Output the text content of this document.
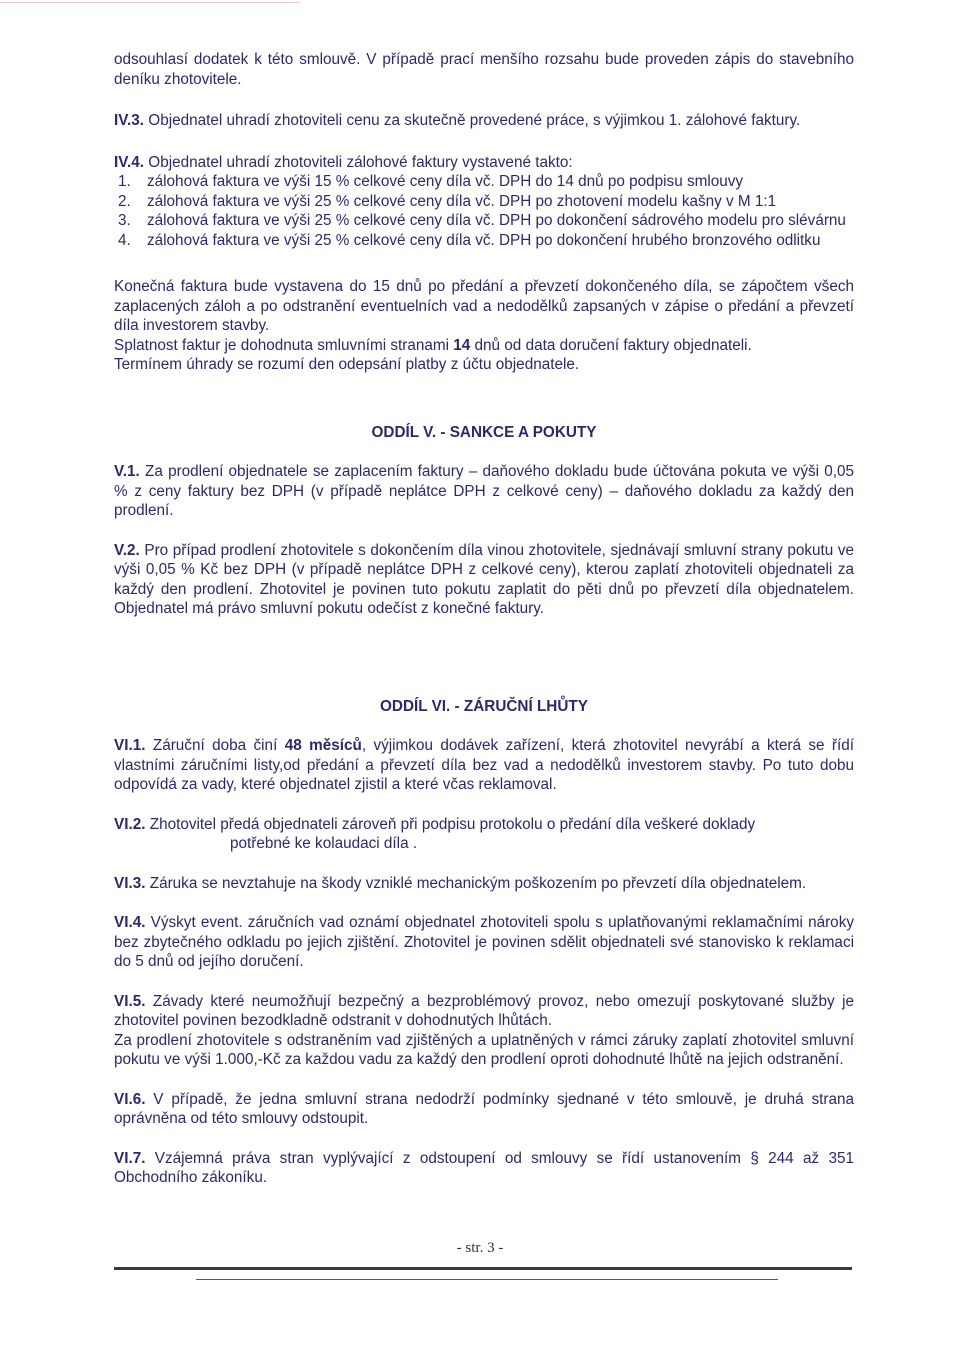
odsouhlasí dodatek k této smlouvě. V případě prací menšího rozsahu bude proveden zápis do stavebního deníku zhotovitele.

IV.3. Objednatel uhradí zhotoviteli cenu za skutečně provedené práce, s výjimkou 1. zálohové faktury.

IV.4. Objednatel uhradí zhotoviteli zálohové faktury vystavené takto:

1.	zálohová faktura ve výši 15 % celkové ceny díla vč. DPH do 14 dnů po podpisu smlouvy
2.	zálohová faktura ve výši 25 % celkové ceny díla vč. DPH po zhotovení modelu kašny v M 1:1
3.	zálohová faktura ve výši 25 % celkové ceny díla vč. DPH po dokončení sádrového modelu pro slévárnu
4.	zálohová faktura ve výši 25 % celkové ceny díla vč. DPH po dokončení hrubého bronzového odlitku

Konečná faktura bude vystavena do 15 dnů po předání a převzetí dokončeného díla, se zápočtem všech zaplacených záloh a po odstranění eventuelních vad a nedodělků zapsaných v zápise o předání a převzetí díla investorem stavby.

Splatnost faktur je dohodnuta smluvními stranami 14 dnů od data doručení faktury objednateli.

Termínem úhrady se rozumí den odepsání platby z účtu objednatele.

ODDÍL V. - SANKCE A POKUTY

V.1. Za prodlení objednatele se zaplacením faktury – daňového dokladu bude účtována pokuta ve výši 0,05 % z ceny faktury bez DPH (v případě neplátce DPH z celkové ceny) – daňového dokladu za každý den prodlení.

V.2. Pro případ prodlení zhotovitele s dokončením díla vinou zhotovitele, sjednávají smluvní strany pokutu ve výši 0,05 % Kč bez DPH (v případě neplátce DPH z celkové ceny), kterou zaplatí zhotoviteli objednateli za každý den prodlení. Zhotovitel je povinen tuto pokutu zaplatit do pěti dnů po převzetí díla objednatelem. Objednatel má právo smluvní pokutu odečíst z konečné faktury.

ODDÍL VI. - ZÁRUČNÍ LHŮTY

VI.1. Záruční doba činí 48 měsíců, výjimkou dodávek zařízení, která zhotovitel nevyrábí a která se řídí vlastními záručními listy,od předání a převzetí díla bez vad a nedodělků investorem stavby. Po tuto dobu odpovídá za vady, které objednatel zjistil a které včas reklamoval.

VI.2. Zhotovitel předá objednateli zároveň při podpisu protokolu o předání díla veškeré doklady

potřebné ke kolaudaci díla .

VI.3. Záruka se nevztahuje na škody vzniklé mechanickým poškozením po převzetí díla objednatelem.

VI.4. Výskyt event. záručních vad oznámí objednatel zhotoviteli spolu s uplatňovanými reklamačními nároky bez zbytečného odkladu po jejich zjištění. Zhotovitel je povinen sdělit objednateli své stanovisko k reklamaci do 5 dnů od jejího doručení.

VI.5. Závady které neumožňují bezpečný a bezproblémový provoz, nebo omezují poskytované služby je zhotovitel povinen bezodkladně odstranit v dohodnutých lhůtách.

Za prodlení zhotovitele s odstraněním vad zjištěných a uplatněných v rámci záruky zaplatí zhotovitel smluvní pokutu ve výši 1.000,-Kč za každou vadu za každý den prodlení oproti dohodnuté lhůtě na jejich odstranění.

VI.6. V případě, že jedna smluvní strana nedodrží podmínky sjednané v této smlouvě, je druhá strana oprávněna od této smlouvy odstoupit.

VI.7. Vzájemná práva stran vyplývající z odstoupení od smlouvy se řídí ustanovením § 244 až 351 Obchodního zákoníku.

- str. 3 -
